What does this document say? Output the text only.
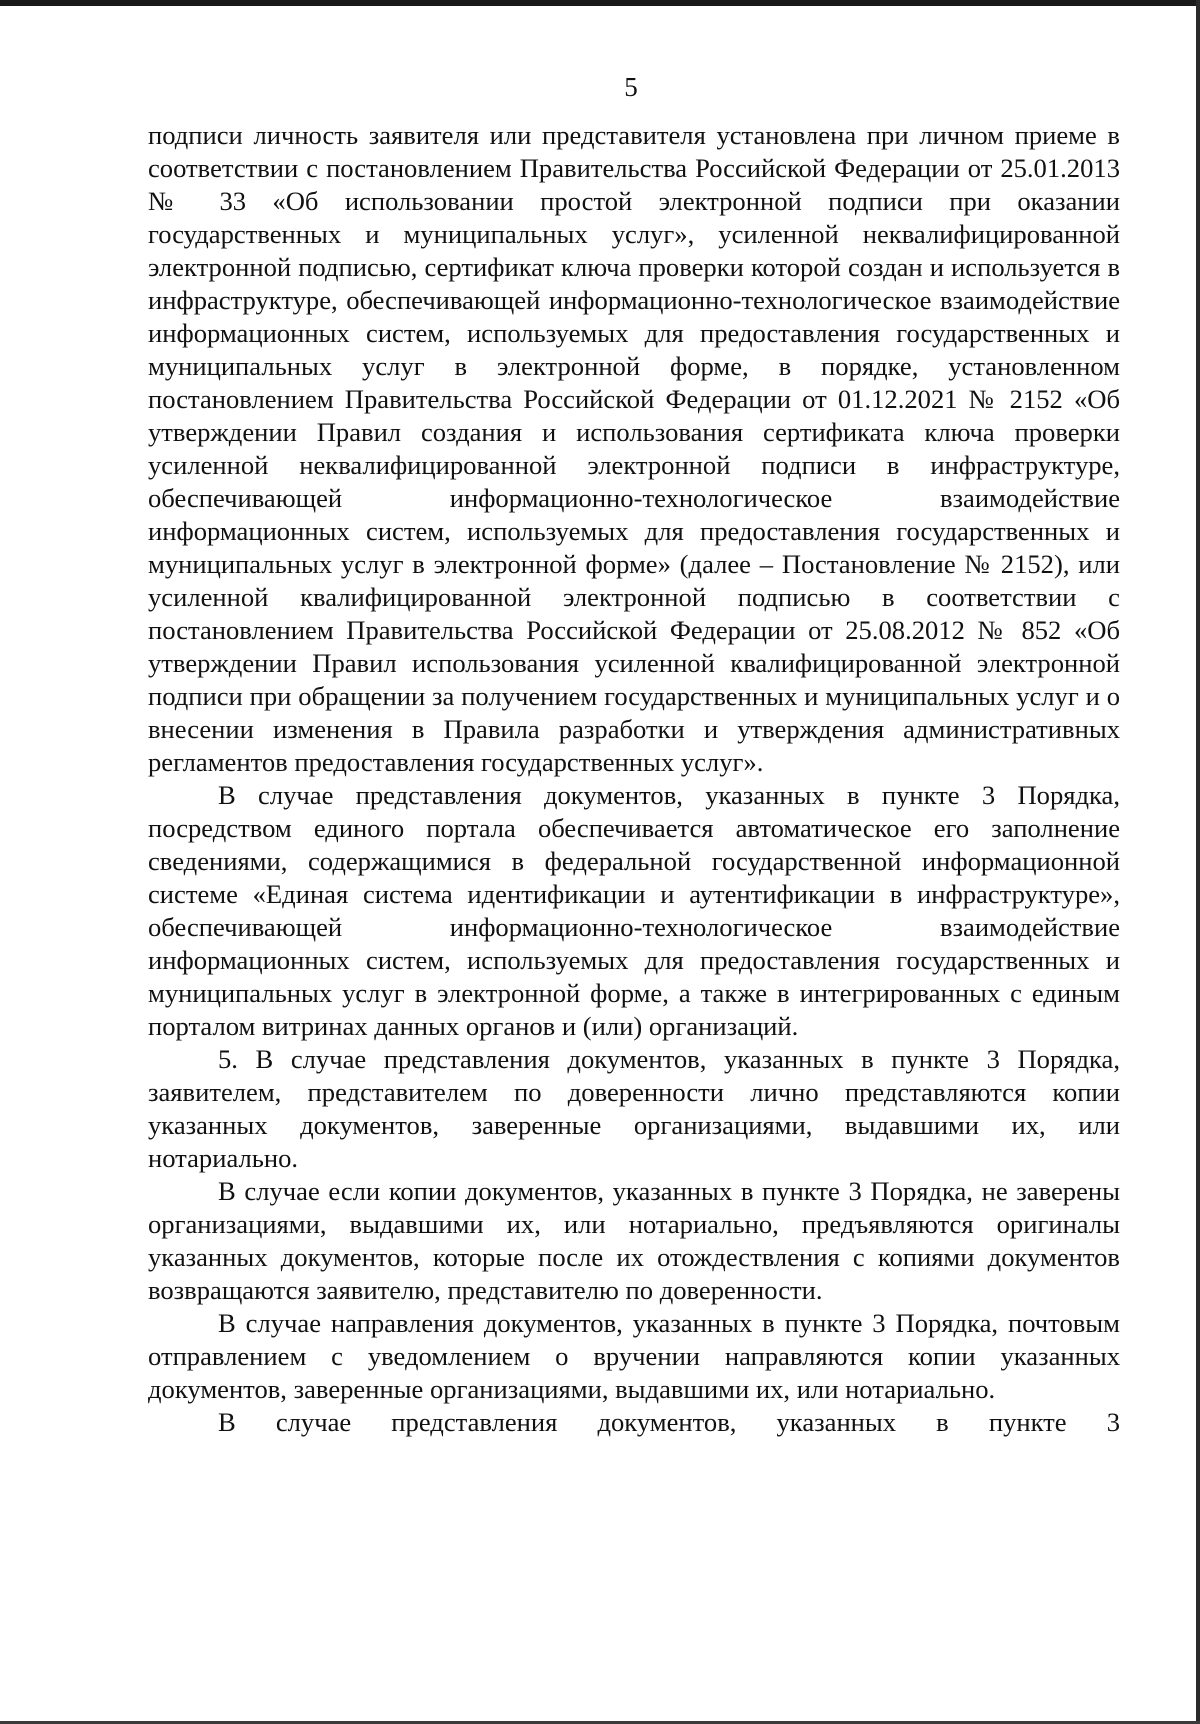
5

подписи личность заявителя или представителя установлена при личном приеме в соответствии с постановлением Правительства Российской Федерации от 25.01.2013 № 33 «Об использовании простой электронной подписи при оказании государственных и муниципальных услуг», усиленной неквалифицированной электронной подписью, сертификат ключа проверки которой создан и используется в инфраструктуре, обеспечивающей информационно-технологическое взаимодействие информационных систем, используемых для предоставления государственных и муниципальных услуг в электронной форме, в порядке, установленном постановлением Правительства Российской Федерации от 01.12.2021 № 2152 «Об утверждении Правил создания и использования сертификата ключа проверки усиленной неквалифицированной электронной подписи в инфраструктуре, обеспечивающей информационно-технологическое взаимодействие информационных систем, используемых для предоставления государственных и муниципальных услуг в электронной форме» (далее – Постановление № 2152), или усиленной квалифицированной электронной подписью в соответствии с постановлением Правительства Российской Федерации от 25.08.2012 № 852 «Об утверждении Правил использования усиленной квалифицированной электронной подписи при обращении за получением государственных и муниципальных услуг и о внесении изменения в Правила разработки и утверждения административных регламентов предоставления государственных услуг».

В случае представления документов, указанных в пункте 3 Порядка, посредством единого портала обеспечивается автоматическое его заполнение сведениями, содержащимися в федеральной государственной информационной системе «Единая система идентификации и аутентификации в инфраструктуре», обеспечивающей информационно-технологическое взаимодействие информационных систем, используемых для предоставления государственных и муниципальных услуг в электронной форме, а также в интегрированных с единым порталом витринах данных органов и (или) организаций.

5. В случае представления документов, указанных в пункте 3 Порядка, заявителем, представителем по доверенности лично представляются копии указанных документов, заверенные организациями, выдавшими их, или нотариально.

В случае если копии документов, указанных в пункте 3 Порядка, не заверены организациями, выдавшими их, или нотариально, предъявляются оригиналы указанных документов, которые после их отождествления с копиями документов возвращаются заявителю, представителю по доверенности.

В случае направления документов, указанных в пункте 3 Порядка, почтовым отправлением с уведомлением о вручении направляются копии указанных документов, заверенные организациями, выдавшими их, или нотариально.

В случае представления документов, указанных в пункте 3
